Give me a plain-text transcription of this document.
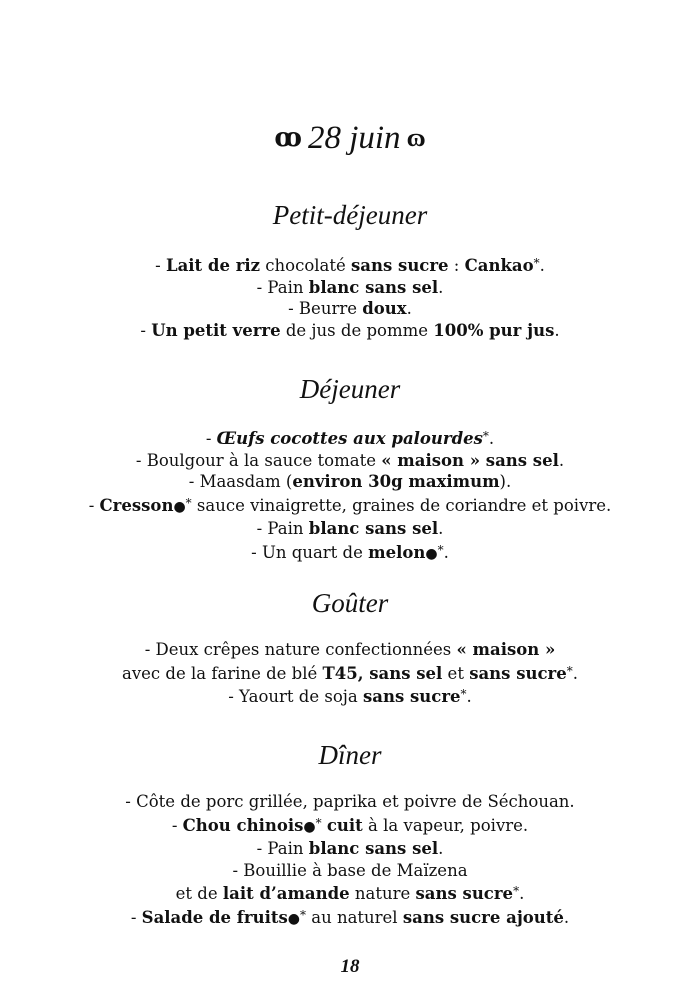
ꝏ 28 juin ɷ
Petit-déjeuner
- Lait de riz chocolaté sans sucre : Cankao*.
- Pain blanc sans sel.
- Beurre doux.
- Un petit verre de jus de pomme 100% pur jus.
Déjeuner
- Œufs cocottes aux palourdes*.
- Boulgour à la sauce tomate « maison » sans sel.
- Maasdam (environ 30g maximum).
- Cresson●* sauce vinaigrette, graines de coriandre et poivre.
- Pain blanc sans sel.
- Un quart de melon●*.
Goûter
- Deux crêpes nature confectionnées « maison »
avec de la farine de blé T45, sans sel et sans sucre*.
- Yaourt de soja sans sucre*.
Dîner
- Côte de porc grillée, paprika et poivre de Séchouan.
- Chou chinois●* cuit à la vapeur, poivre.
- Pain blanc sans sel.
- Bouillie à base de Maïzena
et de lait d’amande nature sans sucre*.
- Salade de fruits●* au naturel sans sucre ajouté.
18
